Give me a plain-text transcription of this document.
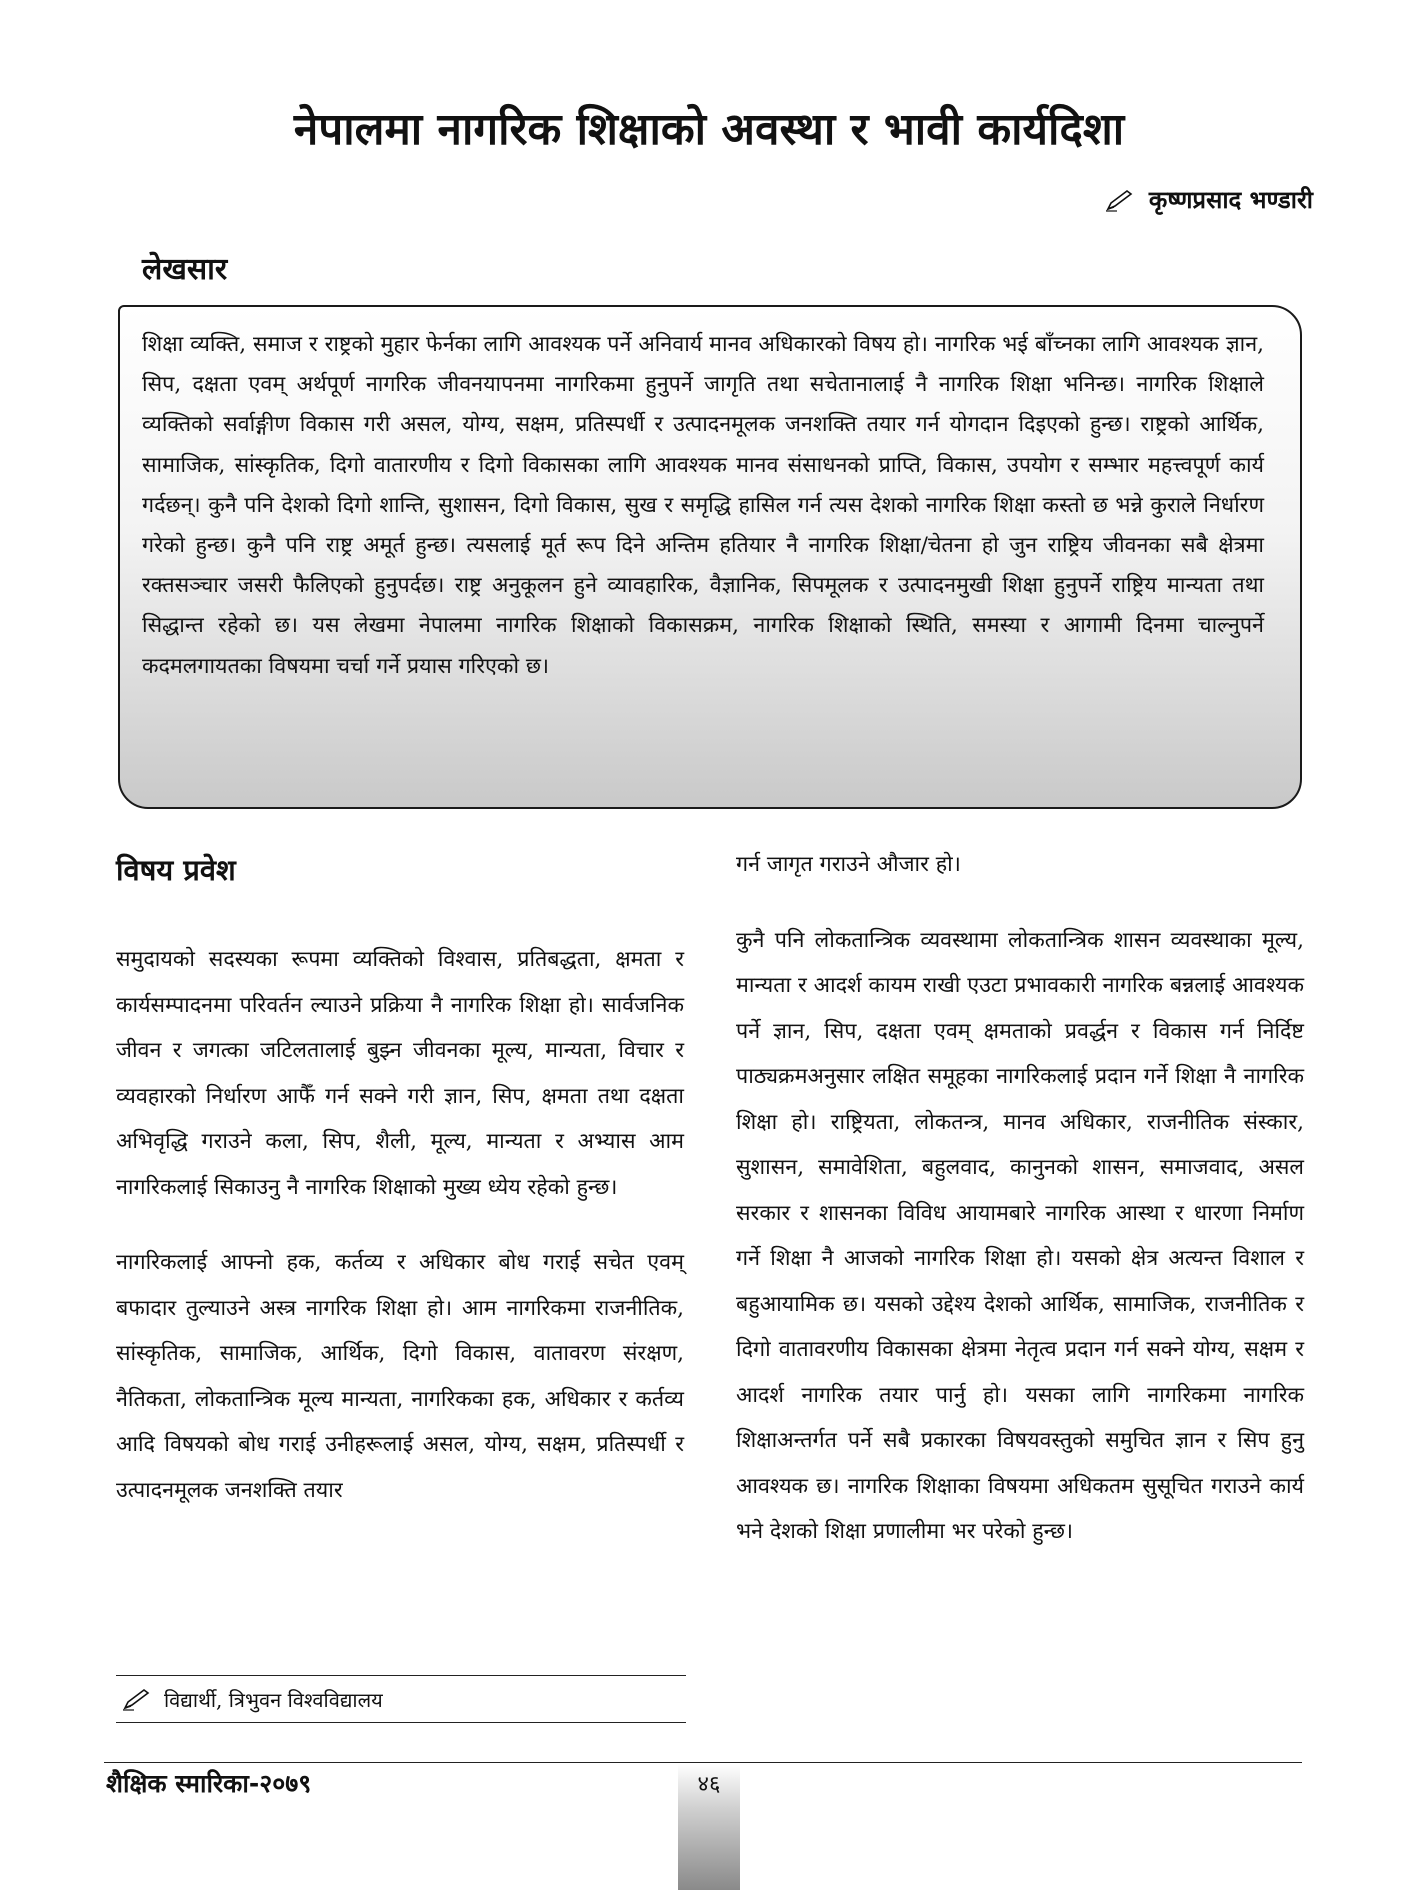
नेपालमा नागरिक शिक्षाको अवस्था र भावी कार्यदिशा
कृष्णप्रसाद भण्डारी
लेखसार

शिक्षा व्यक्ति, समाज र राष्ट्रको मुहार फेर्नका लागि आवश्यक पर्ने अनिवार्य मानव अधिकारको विषय हो। नागरिक भई बाँच्नका लागि आवश्यक ज्ञान, सिप, दक्षता एवम् अर्थपूर्ण नागरिक जीवनयापनमा नागरिकमा हुनुपर्ने जागृति तथा सचेतानालाई नै नागरिक शिक्षा भनिन्छ। नागरिक शिक्षाले व्यक्तिको सर्वाङ्गीण विकास गरी असल, योग्य, सक्षम, प्रतिस्पर्धी र उत्पादनमूलक जनशक्ति तयार गर्न योगदान दिइएको हुन्छ। राष्ट्रको आर्थिक, सामाजिक, सांस्कृतिक, दिगो वातारणीय र दिगो विकासका लागि आवश्यक मानव संसाधनको प्राप्ति, विकास, उपयोग र सम्भार महत्त्वपूर्ण कार्य गर्दछन्। कुनै पनि देशको दिगो शान्ति, सुशासन, दिगो विकास, सुख र समृद्धि हासिल गर्न त्यस देशको नागरिक शिक्षा कस्तो छ भन्ने कुराले निर्धारण गरेको हुन्छ। कुनै पनि राष्ट्र अमूर्त हुन्छ। त्यसलाई मूर्त रूप दिने अन्तिम हतियार नै नागरिक शिक्षा/चेतना हो जुन राष्ट्रिय जीवनका सबै क्षेत्रमा रक्तसञ्चार जसरी फैलिएको हुनुपर्दछ। राष्ट्र अनुकूलन हुने व्यावहारिक, वैज्ञानिक, सिपमूलक र उत्पादनमुखी शिक्षा हुनुपर्ने राष्ट्रिय मान्यता तथा सिद्धान्त रहेको छ। यस लेखमा नेपालमा नागरिक शिक्षाको विकासक्रम, नागरिक शिक्षाको स्थिति, समस्या र आगामी दिनमा चाल्नुपर्ने कदमलगायतका विषयमा चर्चा गर्ने प्रयास गरिएको छ।

विषय प्रवेश

समुदायको सदस्यका रूपमा व्यक्तिको विश्वास, प्रतिबद्धता, क्षमता र कार्यसम्पादनमा परिवर्तन ल्याउने प्रक्रिया नै नागरिक शिक्षा हो। सार्वजनिक जीवन र जगत्का जटिलतालाई बुझ्न जीवनका मूल्य, मान्यता, विचार र व्यवहारको निर्धारण आफैँ गर्न सक्ने गरी ज्ञान, सिप, क्षमता तथा दक्षता अभिवृद्धि गराउने कला, सिप, शैली, मूल्य, मान्यता र अभ्यास आम नागरिकलाई सिकाउनु नै नागरिक शिक्षाको मुख्य ध्येय रहेको हुन्छ।

नागरिकलाई आफ्नो हक, कर्तव्य र अधिकार बोध गराई सचेत एवम् बफादार तुल्याउने अस्त्र नागरिक शिक्षा हो। आम नागरिकमा राजनीतिक, सांस्कृतिक, सामाजिक, आर्थिक, दिगो विकास, वातावरण संरक्षण, नैतिकता, लोकतान्त्रिक मूल्य मान्यता, नागरिकका हक, अधिकार र कर्तव्य आदि विषयको बोध गराई उनीहरूलाई असल, योग्य, सक्षम, प्रतिस्पर्धी र उत्पादनमूलक जनशक्ति तयार

गर्न जागृत गराउने औजार हो।

कुनै पनि लोकतान्त्रिक व्यवस्थामा लोकतान्त्रिक शासन व्यवस्थाका मूल्य, मान्यता र आदर्श कायम राखी एउटा प्रभावकारी नागरिक बन्नलाई आवश्यक पर्ने ज्ञान, सिप, दक्षता एवम् क्षमताको प्रवर्द्धन र विकास गर्न निर्दिष्ट पाठ्यक्रमअनुसार लक्षित समूहका नागरिकलाई प्रदान गर्ने शिक्षा नै नागरिक शिक्षा हो। राष्ट्रियता, लोकतन्त्र, मानव अधिकार, राजनीतिक संस्कार, सुशासन, समावेशिता, बहुलवाद, कानुनको शासन, समाजवाद, असल सरकार र शासनका विविध आयामबारे नागरिक आस्था र धारणा निर्माण गर्ने शिक्षा नै आजको नागरिक शिक्षा हो। यसको क्षेत्र अत्यन्त विशाल र बहुआयामिक छ। यसको उद्देश्य देशको आर्थिक, सामाजिक, राजनीतिक र दिगो वातावरणीय विकासका क्षेत्रमा नेतृत्व प्रदान गर्न सक्ने योग्य, सक्षम र आदर्श नागरिक तयार पार्नु हो। यसका लागि नागरिकमा नागरिक शिक्षाअन्तर्गत पर्ने सबै प्रकारका विषयवस्तुको समुचित ज्ञान र सिप हुनु आवश्यक छ। नागरिक शिक्षाका विषयमा अधिकतम सुसूचित गराउने कार्य भने देशको शिक्षा प्रणालीमा भर परेको हुन्छ।

विद्यार्थी, त्रिभुवन विश्वविद्यालय
शैक्षिक स्मारिका-२०७९	४६
